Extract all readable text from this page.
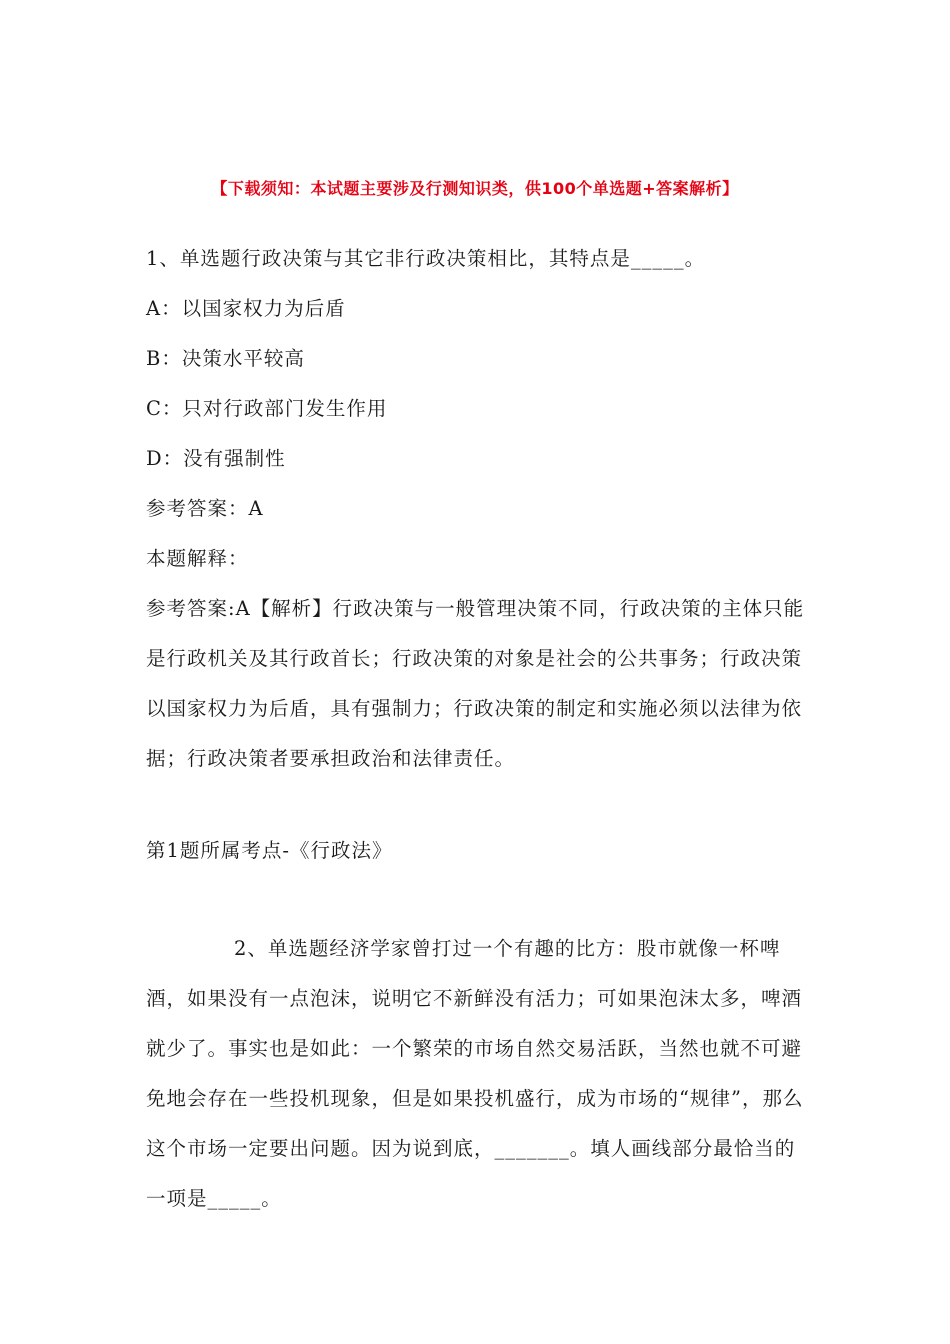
【下载须知：本试题主要涉及行测知识类，供100个单选题+答案解析】

1、单选题行政决策与其它非行政决策相比，其特点是_____。

A：以国家权力为后盾

B：决策水平较高

C：只对行政部门发生作用

D：没有强制性

参考答案：A

本题解释：

参考答案:A【解析】行政决策与一般管理决策不同，行政决策的主体只能是行政机关及其行政首长；行政决策的对象是社会的公共事务；行政决策以国家权力为后盾，具有强制力；行政决策的制定和实施必须以法律为依据；行政决策者要承担政治和法律责任。

第1题所属考点-《行政法》

2、单选题经济学家曾打过一个有趣的比方：股市就像一杯啤酒，如果没有一点泡沫，说明它不新鲜没有活力；可如果泡沫太多，啤酒就少了。事实也是如此：一个繁荣的市场自然交易活跃，当然也就不可避免地会存在一些投机现象，但是如果投机盛行，成为市场的“规律”，那么这个市场一定要出问题。因为说到底，_______。填人画线部分最恰当的一项是_____。
